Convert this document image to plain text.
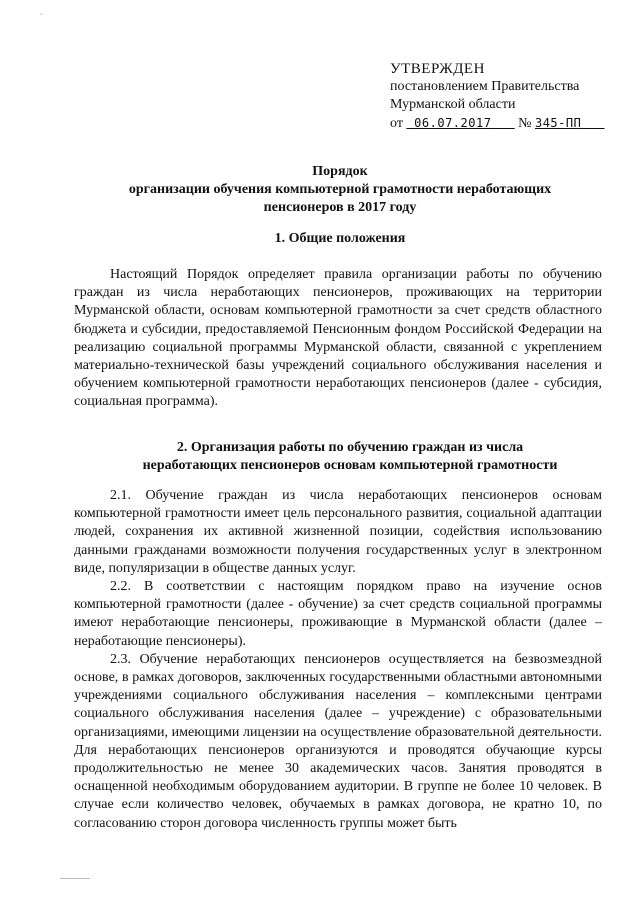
ˇ
УТВЕРЖДЕН
постановлением Правительства
Мурманской области
от 06.07.2017 № 345-ПП
Порядок
организации обучения компьютерной грамотности неработающих
пенсионеров в 2017 году
1. Общие положения

Настоящий Порядок определяет правила организации работы по обучению граждан из числа неработающих пенсионеров, проживающих на территории Мурманской области, основам компьютерной грамотности за счет средств областного бюджета и субсидии, предоставляемой Пенсионным фондом Российской Федерации на реализацию социальной программы Мурманской области, связанной с укреплением материально-технической базы учреждений социального обслуживания населения и обучением компьютерной грамотности неработающих пенсионеров (далее - субсидия, социальная программа).

2. Организация работы по обучению граждан из числа
неработающих пенсионеров основам компьютерной грамотности

2.1. Обучение граждан из числа неработающих пенсионеров основам компьютерной грамотности имеет цель персонального развития, социальной адаптации людей, сохранения их активной жизненной позиции, содействия использованию данными гражданами возможности получения государственных услуг в электронном виде, популяризации в обществе данных услуг.

2.2. В соответствии с настоящим порядком право на изучение основ компьютерной грамотности (далее - обучение) за счет средств социальной программы имеют неработающие пенсионеры, проживающие в Мурманской области (далее – неработающие пенсионеры).

2.3. Обучение неработающих пенсионеров осуществляется на безвозмездной основе, в рамках договоров, заключенных государственными областными автономными учреждениями социального обслуживания населения – комплексными центрами социального обслуживания населения (далее – учреждение) с образовательными организациями, имеющими лицензии на осуществление образовательной деятельности. Для неработающих пенсионеров организуются и проводятся обучающие курсы продолжительностью не менее 30 академических часов. Занятия проводятся в оснащенной необходимым оборудованием аудитории. В группе не более 10 человек. В случае если количество человек, обучаемых в рамках договора, не кратно 10, по согласованию сторон договора численность группы может быть
